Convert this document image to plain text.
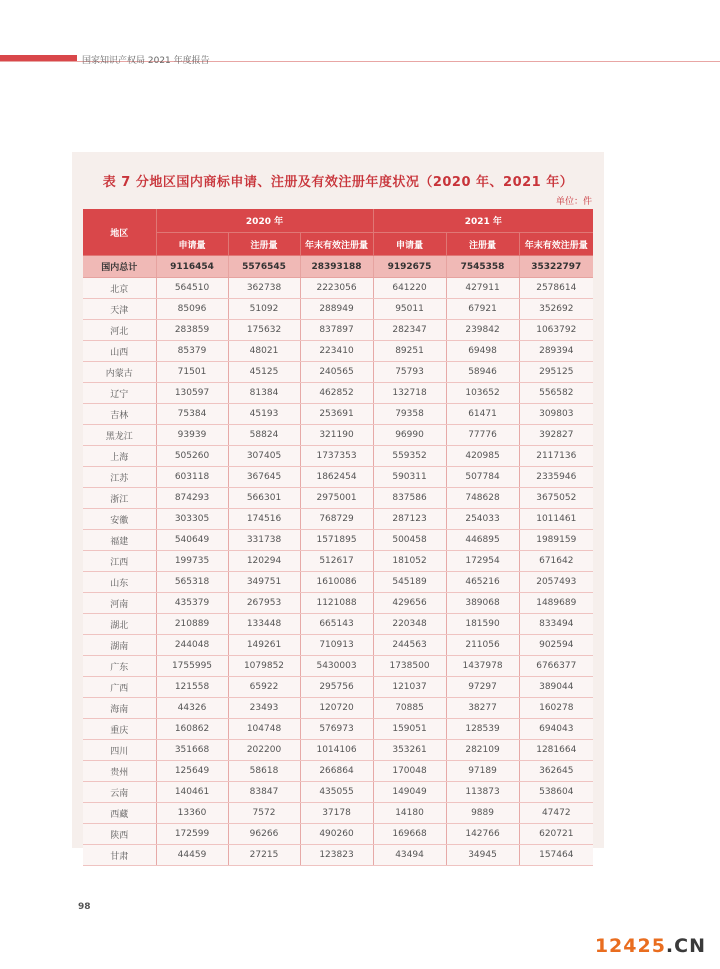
国家知识产权局 2021 年度报告
表 7 分地区国内商标申请、注册及有效注册年度状况（2020 年、2021 年）
单位：件
地区	2020 年			2021 年		
	申请量	注册量	年末有效注册量	申请量	注册量	年末有效注册量
国内总计	9116454	5576545	28393188	9192675	7545358	35322797
北京	564510	362738	2223056	641220	427911	2578614
天津	85096	51092	288949	95011	67921	352692
河北	283859	175632	837897	282347	239842	1063792
山西	85379	48021	223410	89251	69498	289394
内蒙古	71501	45125	240565	75793	58946	295125
辽宁	130597	81384	462852	132718	103652	556582
吉林	75384	45193	253691	79358	61471	309803
黑龙江	93939	58824	321190	96990	77776	392827
上海	505260	307405	1737353	559352	420985	2117136
江苏	603118	367645	1862454	590311	507784	2335946
浙江	874293	566301	2975001	837586	748628	3675052
安徽	303305	174516	768729	287123	254033	1011461
福建	540649	331738	1571895	500458	446895	1989159
江西	199735	120294	512617	181052	172954	671642
山东	565318	349751	1610086	545189	465216	2057493
河南	435379	267953	1121088	429656	389068	1489689
湖北	210889	133448	665143	220348	181590	833494
湖南	244048	149261	710913	244563	211056	902594
广东	1755995	1079852	5430003	1738500	1437978	6766377
广西	121558	65922	295756	121037	97297	389044
海南	44326	23493	120720	70885	38277	160278
重庆	160862	104748	576973	159051	128539	694043
四川	351668	202200	1014106	353261	282109	1281664
贵州	125649	58618	266864	170048	97189	362645
云南	140461	83847	435055	149049	113873	538604
西藏	13360	7572	37178	14180	9889	47472
陕西	172599	96266	490260	169668	142766	620721
甘肃	44459	27215	123823	43494	34945	157464
98
12425.CN
